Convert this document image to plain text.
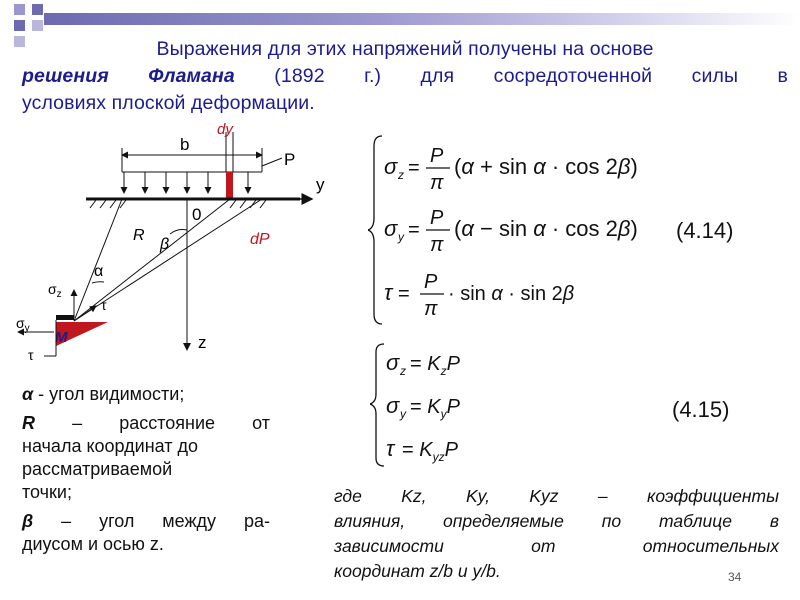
Выражения для этих напряжений получены на основе
решения Фламана (1892 г.) для сосредоточенной силы в
условиях плоской деформации.
b
dy
P
y
0
z
R
β	dP
α
$\sigma_z$
τ
M
$\sigma_y$
τ
α - угол видимости;
R – расстояние от
начала координат до
рассматриваемой
точки;
β – угол между ра-
диусом и осью z.
σ z =
P
π
(α + sin α · cos 2β)
σ y =
P
π
(α − sin α · cos 2β)
τ =
P
π
· sin α · sin 2β
(4.14)
σ $z = K_zP$
σ $y = K_yP$
$\tau = K_{yz}P$
(4.15)
где Kz, Ky, Kyz – коэффициенты
влияния, определяемые по таблице в
зависимости от относительных
координат z/b и y/b.	34
